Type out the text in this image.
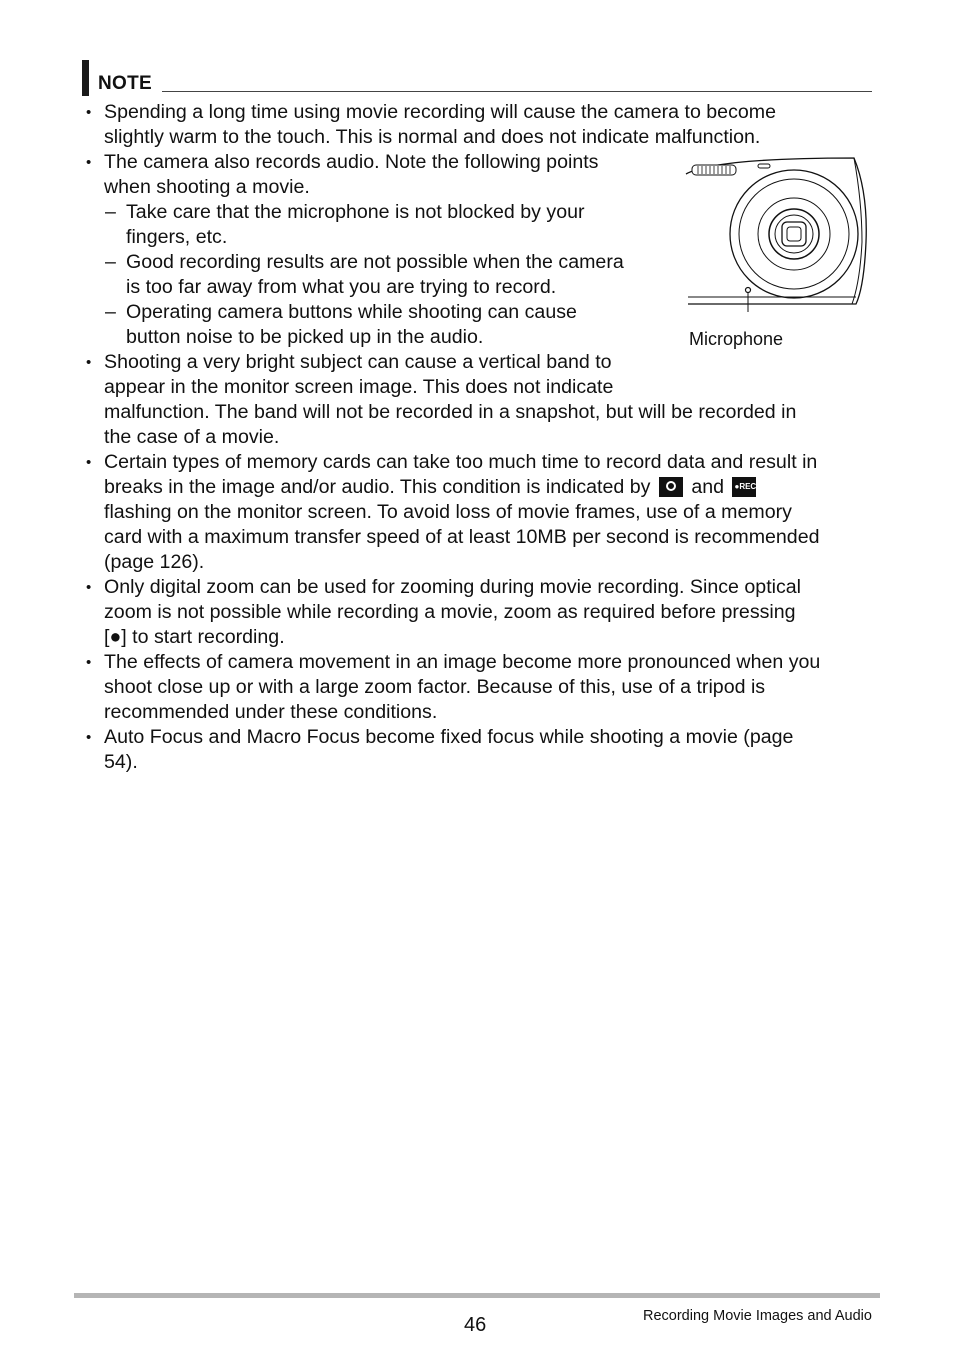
NOTE
• Spending a long time using movie recording will cause the camera to become
slightly warm to the touch. This is normal and does not indicate malfunction.
• The camera also records audio. Note the following points
when shooting a movie.
– Take care that the microphone is not blocked by your
fingers, etc.
– Good recording results are not possible when the camera
is too far away from what you are trying to record.
– Operating camera buttons while shooting can cause
button noise to be picked up in the audio.
• Shooting a very bright subject can cause a vertical band to
appear in the monitor screen image. This does not indicate
malfunction. The band will not be recorded in a snapshot, but will be recorded in
the case of a movie.
• Certain types of memory cards can take too much time to record data and result in
breaks in the image and/or audio. This condition is indicated by and ●REC
flashing on the monitor screen. To avoid loss of movie frames, use of a memory
card with a maximum transfer speed of at least 10MB per second is recommended
(page 126).
• Only digital zoom can be used for zooming during movie recording. Since optical
zoom is not possible while recording a movie, zoom as required before pressing
[●] to start recording.
• The effects of camera movement in an image become more pronounced when you
shoot close up or with a large zoom factor. Because of this, use of a tripod is
recommended under these conditions.
• Auto Focus and Macro Focus become fixed focus while shooting a movie (page
54).
Microphone
46	Recording Movie Images and Audio
